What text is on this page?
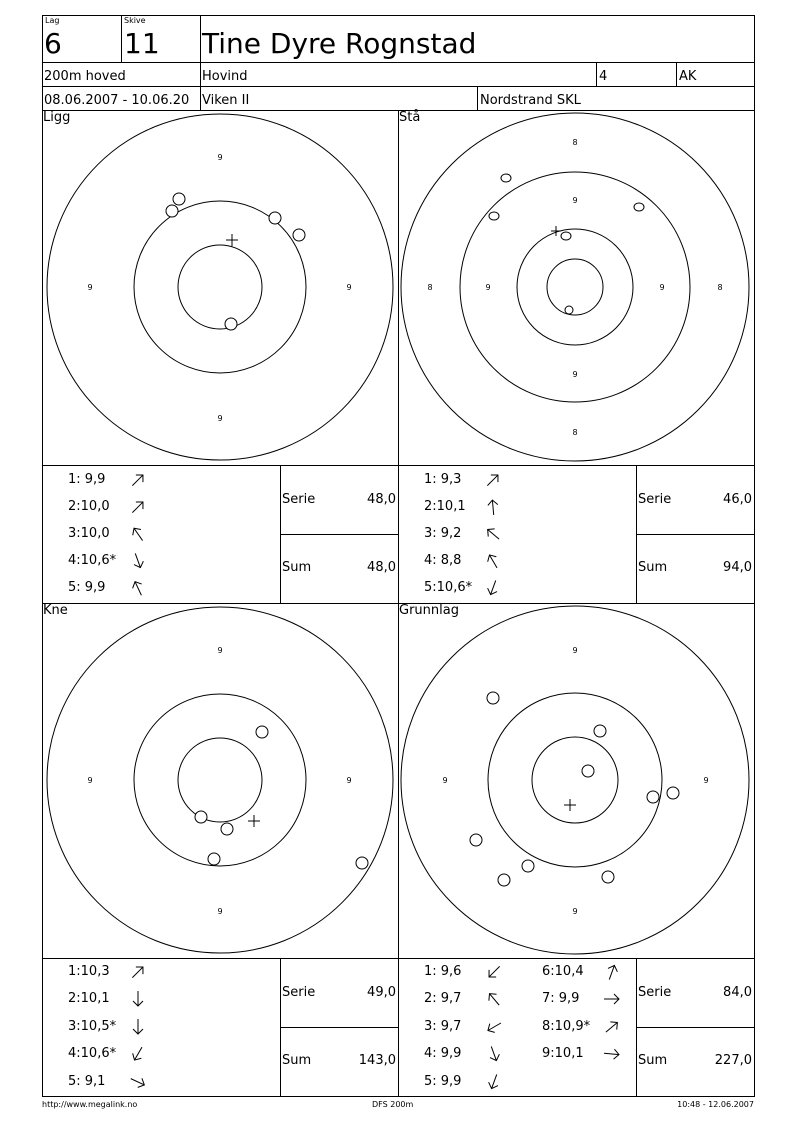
Lag
6
Skive
11 Tine Dyre Rognstad
200m hoved	Hovind	4	AK
08.06.2007 - 10.06.20 Viken II	Nordstrand SKL
Ligg	Stå
Kne	Grunnlag
9
9	9
9
8
9
8	9	9	8
9
8
9
9	9
9
9
9	9
9
1: 9,9
2:10,0
3:10,0
4:10,6*
5: 9,9
Serie	48,0
Sum	48,0
1: 9,3
2:10,1
3: 9,2
4: 8,8
5:10,6*
Serie	46,0
Sum	94,0
1:10,3
2:10,1
3:10,5*
4:10,6*
5: 9,1
Serie	49,0
Sum	143,0
1: 9,6
2: 9,7
3: 9,7
4: 9,9
5: 9,9
6:10,4
7: 9,9
8:10,9*
9:10,1
Serie	84,0
Sum	227,0
http://www.megalink.no	DFS 200m	10:48 - 12.06.2007
